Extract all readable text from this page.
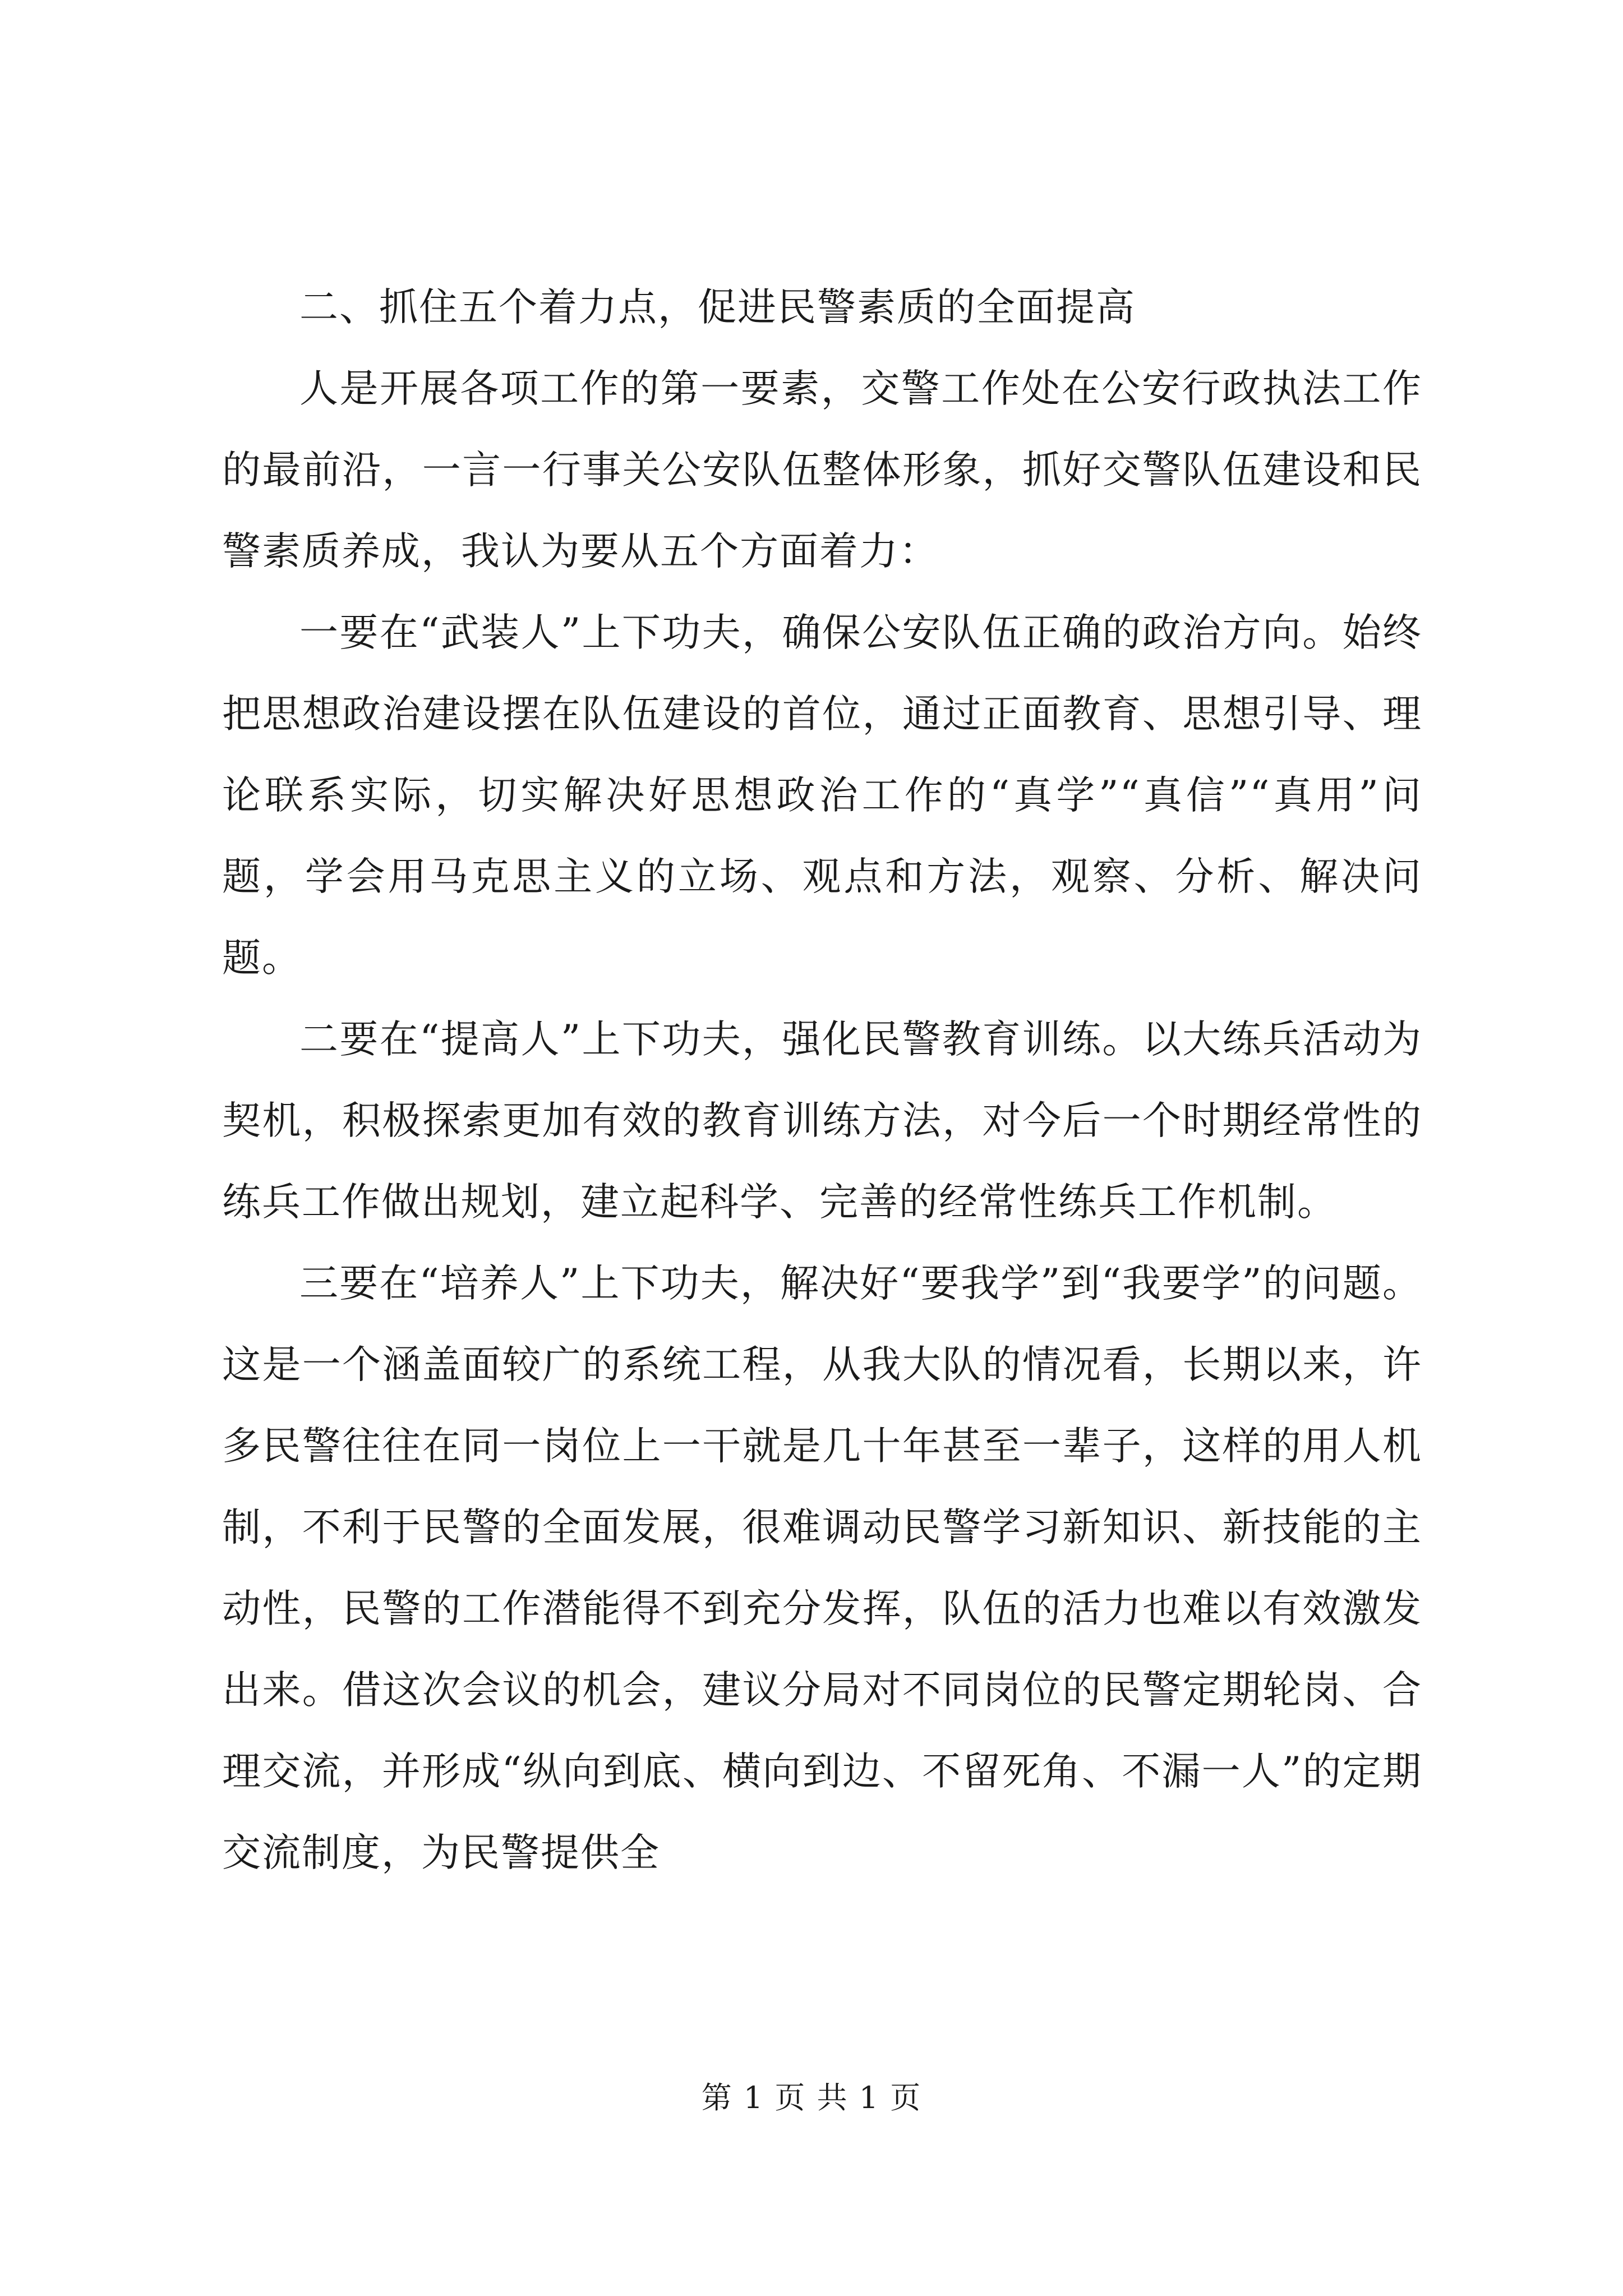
二、抓住五个着力点，促进民警素质的全面提高

人是开展各项工作的第一要素，交警工作处在公安行政执法工作的最前沿，一言一行事关公安队伍整体形象，抓好交警队伍建设和民警素质养成，我认为要从五个方面着力：

一要在“武装人”上下功夫，确保公安队伍正确的政治方向。始终把思想政治建设摆在队伍建设的首位，通过正面教育、思想引导、理论联系实际，切实解决好思想政治工作的“真学”“真信”“真用”问题，学会用马克思主义的立场、观点和方法，观察、分析、解决问题。

二要在“提高人”上下功夫，强化民警教育训练。以大练兵活动为契机，积极探索更加有效的教育训练方法，对今后一个时期经常性的练兵工作做出规划，建立起科学、完善的经常性练兵工作机制。

三要在“培养人”上下功夫，解决好“要我学”到“我要学”的问题。这是一个涵盖面较广的系统工程，从我大队的情况看，长期以来，许多民警往往在同一岗位上一干就是几十年甚至一辈子，这样的用人机制，不利于民警的全面发展，很难调动民警学习新知识、新技能的主动性，民警的工作潜能得不到充分发挥，队伍的活力也难以有效激发出来。借这次会议的机会，建议分局对不同岗位的民警定期轮岗、合理交流，并形成“纵向到底、横向到边、不留死角、不漏一人”的定期交流制度，为民警提供全

第 1 页 共 1 页
